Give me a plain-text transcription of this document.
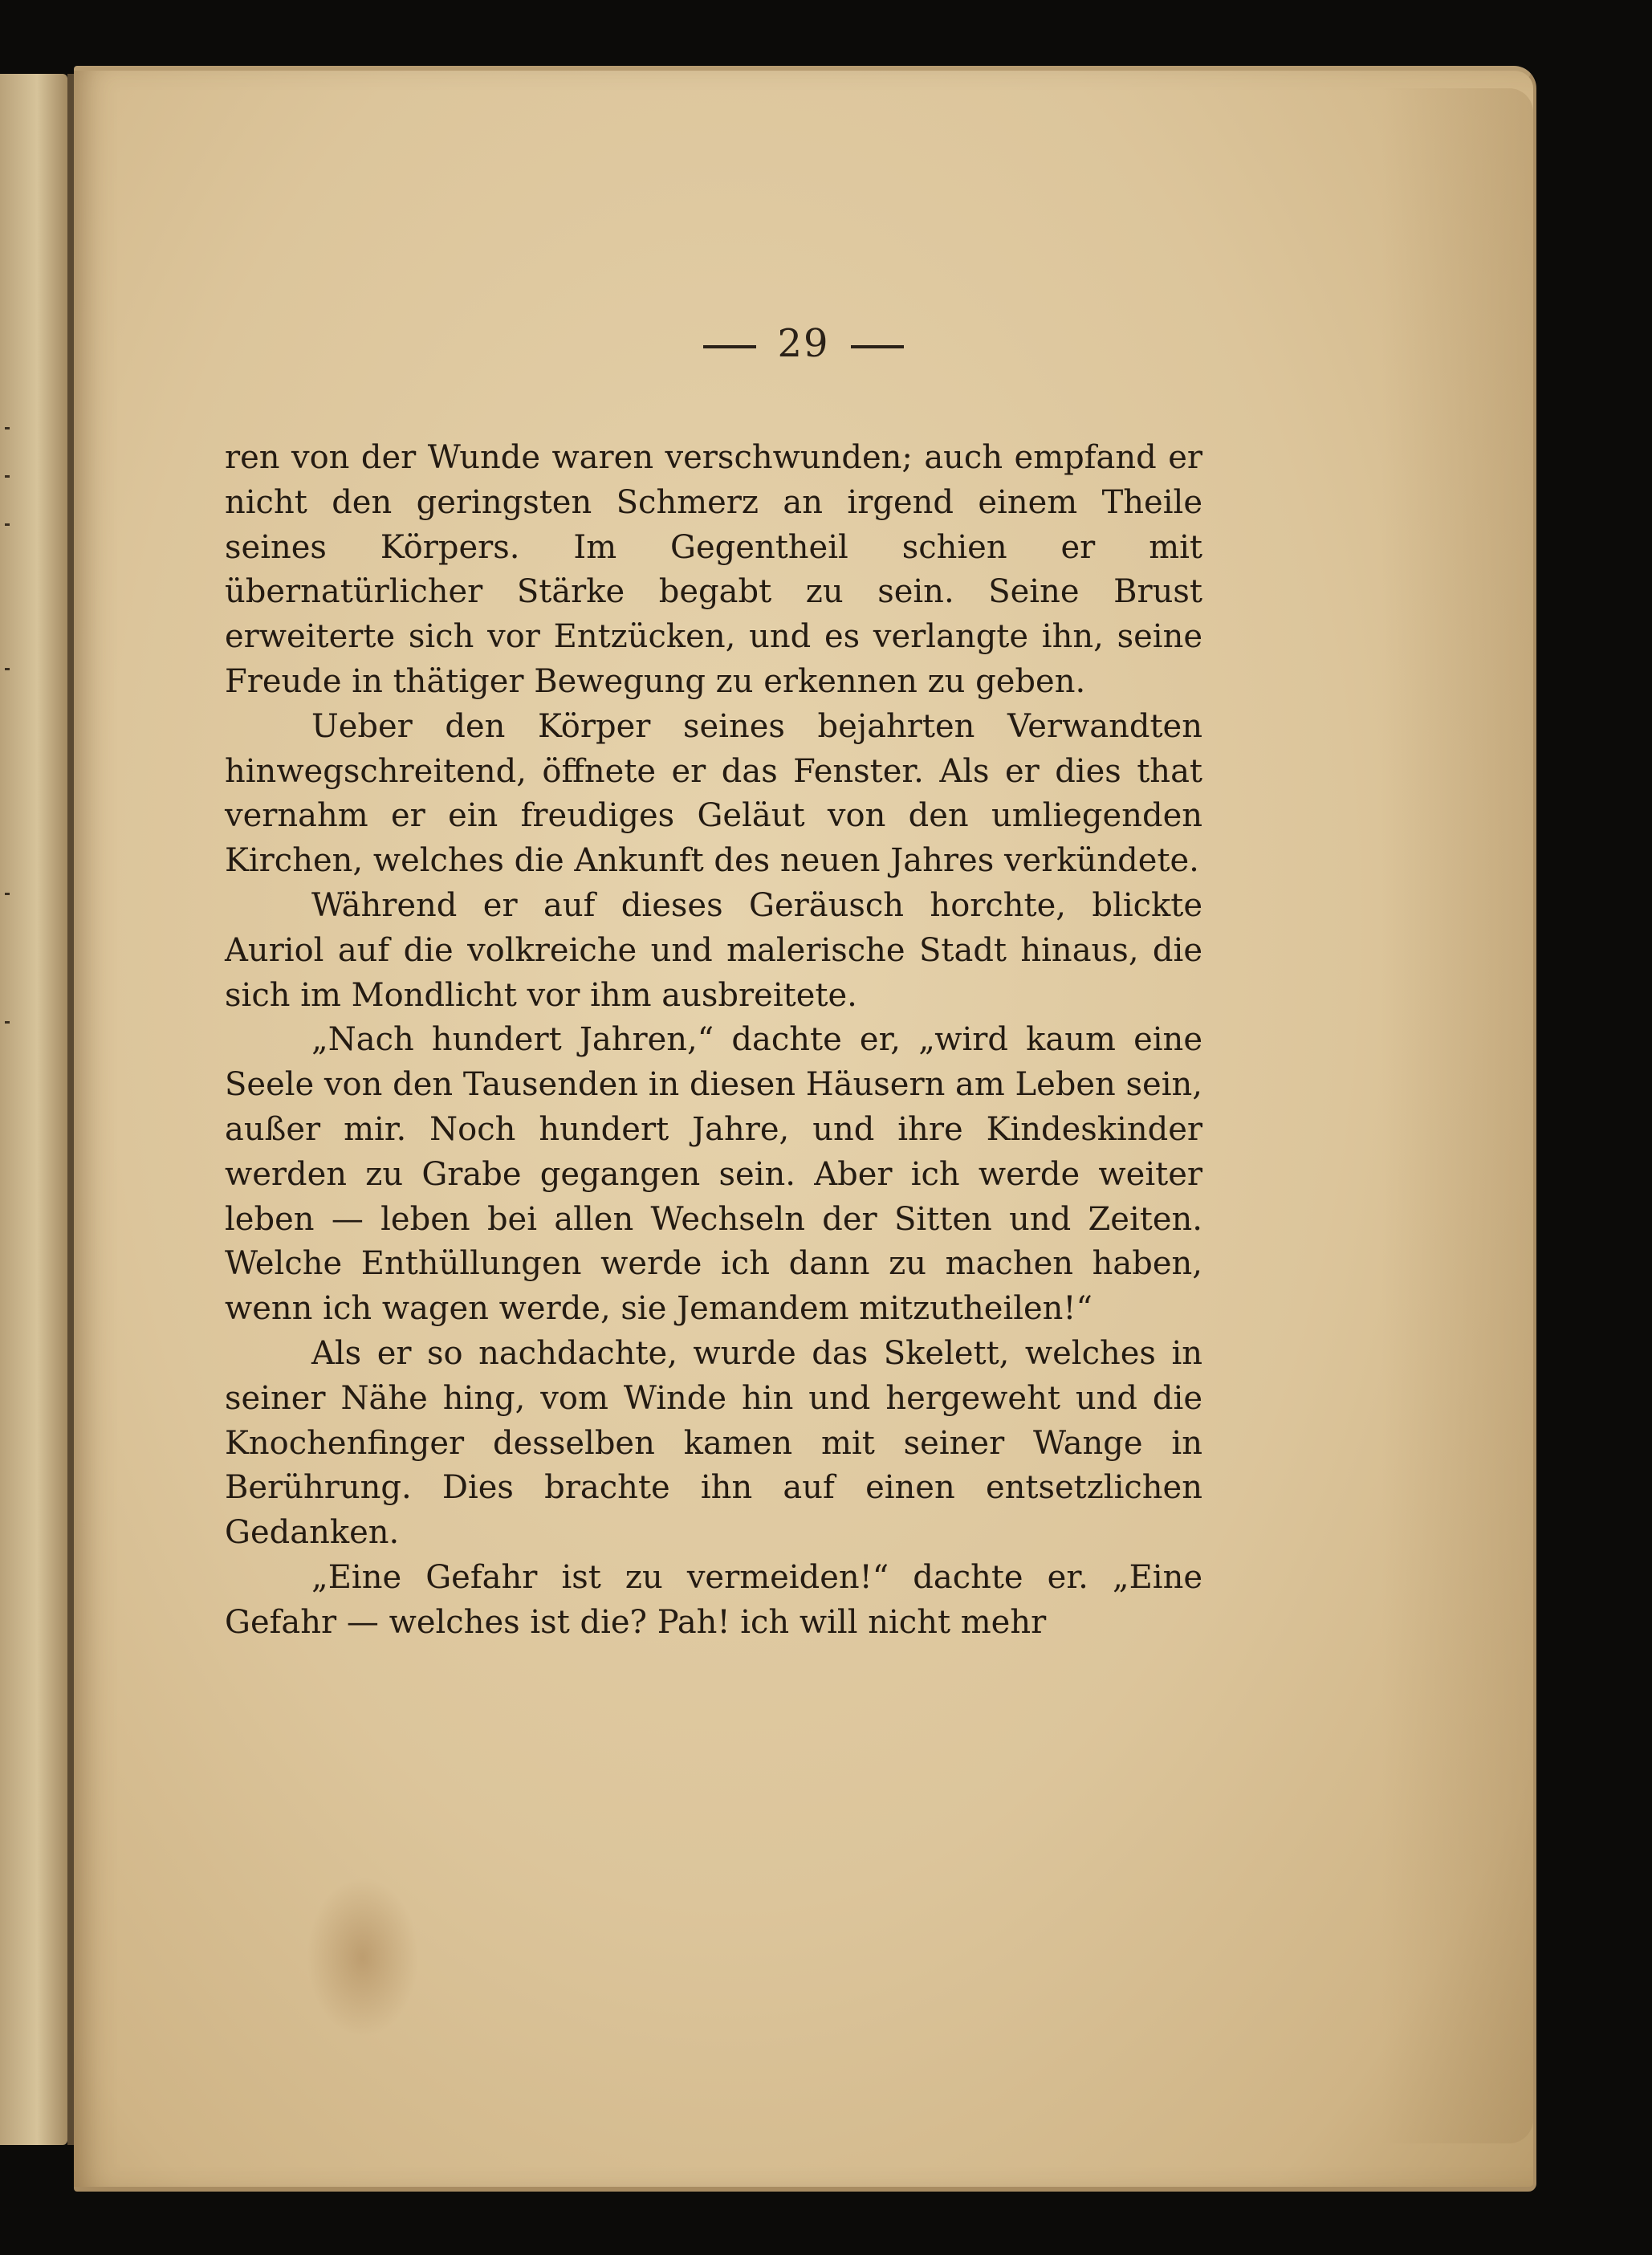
29

ren von der Wunde waren verschwunden; auch empfand er nicht den geringsten Schmerz an irgend einem Theile seines Körpers. Im Gegentheil schien er mit übernatürlicher Stärke begabt zu sein. Seine Brust erweiterte sich vor Entzücken, und es verlangte ihn, seine Freude in thätiger Bewegung zu erkennen zu geben.

Ueber den Körper seines bejahrten Verwandten hinwegschreitend, öffnete er das Fenster. Als er dies that vernahm er ein freudiges Geläut von den umliegenden Kirchen, welches die Ankunft des neuen Jahres verkündete.

Während er auf dieses Geräusch horchte, blickte Auriol auf die volkreiche und malerische Stadt hinaus, die sich im Mondlicht vor ihm ausbreitete.

„Nach hundert Jahren,“ dachte er, „wird kaum eine Seele von den Tausenden in diesen Häusern am Leben sein, außer mir. Noch hundert Jahre, und ihre Kindeskinder werden zu Grabe gegangen sein. Aber ich werde weiter leben — leben bei allen Wechseln der Sitten und Zeiten. Welche Enthüllungen werde ich dann zu machen haben, wenn ich wagen werde, sie Jemandem mitzutheilen!“

Als er so nachdachte, wurde das Skelett, welches in seiner Nähe hing, vom Winde hin und hergeweht und die Knochenfinger desselben kamen mit seiner Wange in Berührung. Dies brachte ihn auf einen entsetzlichen Gedanken.

„Eine Gefahr ist zu vermeiden!“ dachte er. „Eine Gefahr — welches ist die? Pah! ich will nicht mehr
